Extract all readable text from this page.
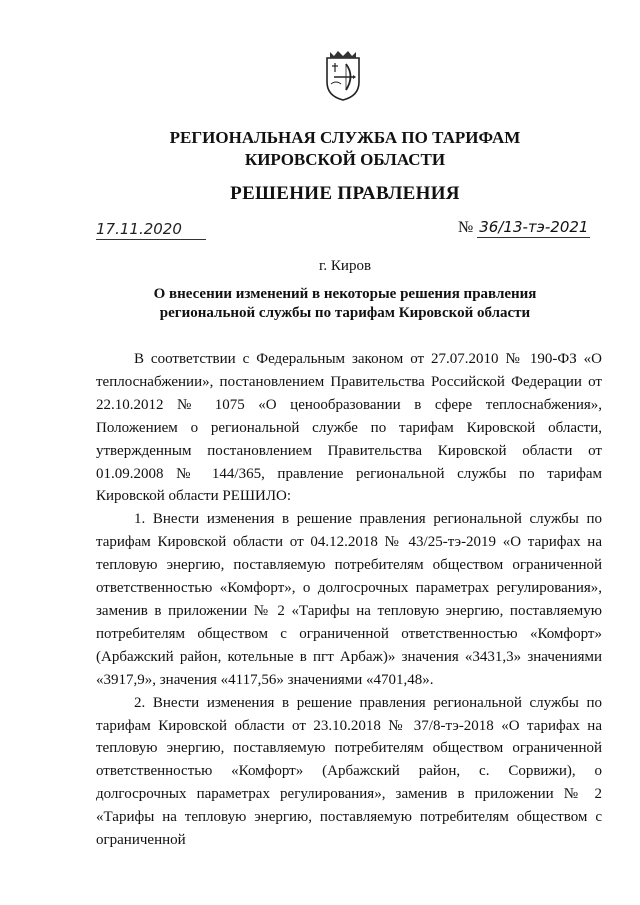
РЕГИОНАЛЬНАЯ СЛУЖБА ПО ТАРИФАМ
КИРОВСКОЙ ОБЛАСТИ
РЕШЕНИЕ ПРАВЛЕНИЯ
17.11.2020	№ 36/13-тэ-2021
г. Киров
О внесении изменений в некоторые решения правления
региональной службы по тарифам Кировской области

В соответствии с Федеральным законом от 27.07.2010 № 190-ФЗ «О теплоснабжении», постановлением Правительства Российской Федерации от 22.10.2012 № 1075 «О ценообразовании в сфере теплоснабжения», Положением о региональной службе по тарифам Кировской области, утвержденным постановлением Правительства Кировской области от 01.09.2008 № 144/365, правление региональной службы по тарифам Кировской области РЕШИЛО:

1. Внести изменения в решение правления региональной службы по тарифам Кировской области от 04.12.2018 № 43/25-тэ-2019 «О тарифах на тепловую энергию, поставляемую потребителям обществом ограниченной ответственностью «Комфорт», о долгосрочных параметрах регулирования», заменив в приложении № 2 «Тарифы на тепловую энергию, поставляемую потребителям обществом с ограниченной ответственностью «Комфорт» (Арбажский район, котельные в пгт Арбаж)» значения «3431,3» значениями «3917,9», значения «4117,56» значениями «4701,48».

2. Внести изменения в решение правления региональной службы по тарифам Кировской области от 23.10.2018 № 37/8-тэ-2018 «О тарифах на тепловую энергию, поставляемую потребителям обществом ограниченной ответственностью «Комфорт» (Арбажский район, с. Сорвижи), о долгосрочных параметрах регулирования», заменив в приложении № 2 «Тарифы на тепловую энергию, поставляемую потребителям обществом с ограниченной
